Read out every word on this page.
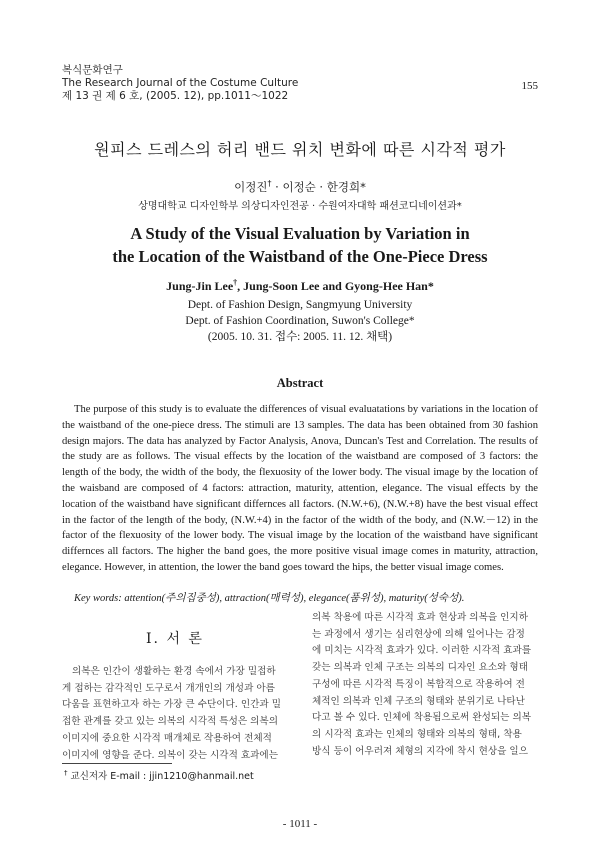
복식문화연구
The Research Journal of the Costume Culture
제 13 권 제 6 호, (2005. 12), pp.1011～1022
155
원피스 드레스의 허리 밴드 위치 변화에 따른 시각적 평가
이정진† · 이정순 · 한경희*
상명대학교 디자인학부 의상디자인전공 · 수원여자대학 패션코디네이션과*
A Study of the Visual Evaluation by Variation in
the Location of the Waistband of the One-Piece Dress
Jung-Jin Lee†, Jung-Soon Lee and Gyong-Hee Han*
Dept. of Fashion Design, Sangmyung University
Dept. of Fashion Coordination, Suwon's College*
(2005. 10. 31. 접수: 2005. 11. 12. 채택)
Abstract
The purpose of this study is to evaluate the differences of visual evaluatations by variations in the location of the waistband of the one-piece dress. The stimuli are 13 samples. The data has been obtained from 30 fashion design majors. The data has analyzed by Factor Analysis, Anova, Duncan's Test and Correlation. The results of the study are as follows. The visual effects by the location of the waistband are composed of 3 factors: the length of the body, the width of the body, the flexuosity of the lower body. The visual image by the location of the waisband are composed of 4 factors: attraction, maturity, attention, elegance. The visual effects by the location of the waistband have significant differnces all factors. (N.W.+6), (N.W.+8) have the best visual effect in the factor of the length of the body, (N.W.+4) in the factor of the width of the body, and (N.W.－12) in the factor of the flexuosity of the lower body. The visual image by the location of the waistband have significant differnces all factors. The higher the band goes, the more positive visual image comes in maturity, attraction, elegance. However, in attention, the lower the band goes toward the hips, the better visual image comes.
Key words: attention(주의집중성), attraction(매력성), elegance(품위성), maturity(성숙성).
Ⅰ. 서 론
의복은 인간이 생활하는 환경 속에서 가장 밀접하
게 접하는 감각적인 도구로서 개개인의 개성과 아름
다움을 표현하고자 하는 가장 큰 수단이다. 인간과 밀
접한 관계를 갖고 있는 의복의 시각적 특성은 의복의
이미지에 중요한 시각적 매개체로 작용하여 전체적
이미지에 영향을 준다. 의복이 갖는 시각적 효과에는
의복 착용에 따른 시각적 효과 현상과 의복을 인지하
는 과정에서 생기는 심리현상에 의해 일어나는 감정
에 미치는 시각적 효과가 있다. 이러한 시각적 효과를
갖는 의복과 인체 구조는 의복의 디자인 요소와 형태
구성에 따른 시각적 특징이 복합적으로 작용하여 전
체적인 의복과 인체 구조의 형태와 분위기로 나타난
다고 볼 수 있다. 인체에 착용됨으로써 완성되는 의복
의 시각적 효과는 인체의 형태와 의복의 형태, 착용
방식 등이 어우러져 체형의 지각에 착시 현상을 일으
† 교신저자 E-mail : jjin1210@hanmail.net
- 1011 -
